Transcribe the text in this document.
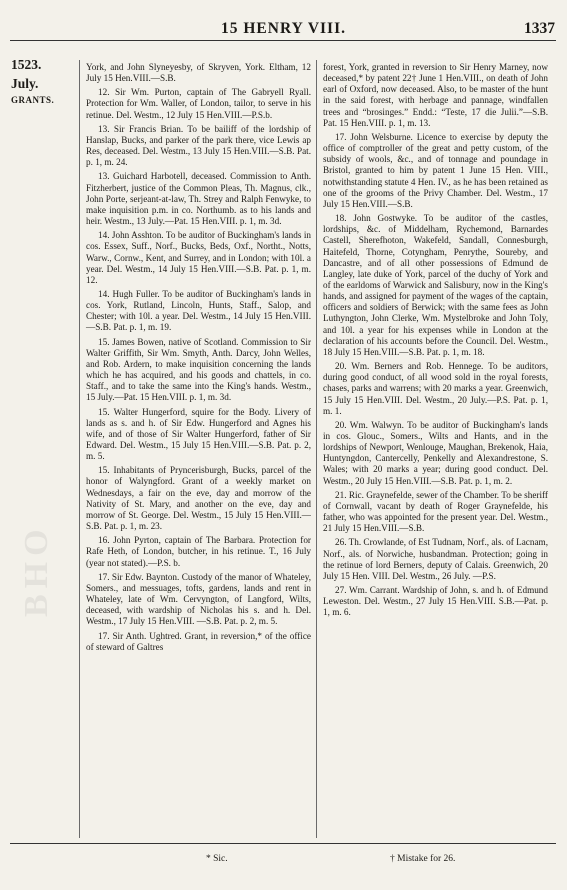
15 HENRY VIII.	1337
1523.
July.
GRANTS.
BHO

York, and John Slyneyesby, of Skryven, York. Eltham, 12 July 15 Hen.VIII.—S.B.

12. Sir Wm. Purton, captain of The Gabryell Ryall. Protection for Wm. Waller, of London, tailor, to serve in his retinue. Del. Westm., 12 July 15 Hen.VIII.—P.S.b.

13. Sir Francis Brian. To be bailiff of the lordship of Hanslap, Bucks, and parker of the park there, vice Lewis ap Res, deceased. Del. Westm., 13 July 15 Hen.VIII.—S.B. Pat. p. 1, m. 24.

13. Guichard Harbotell, deceased. Commission to Anth. Fitzherbert, justice of the Common Pleas, Th. Magnus, clk., John Porte, serjeant-at-law, Th. Strey and Ralph Fenwyke, to make inquisition p.m. in co. Northumb. as to his lands and heir. Westm., 13 July.—Pat. 15 Hen.VIII. p. 1, m. 3d.

14. John Asshton. To be auditor of Buckingham's lands in cos. Essex, Suff., Norf., Bucks, Beds, Oxf., Northt., Notts, Warw., Cornw., Kent, and Surrey, and in London; with 10l. a year. Del. Westm., 14 July 15 Hen.VIII.—S.B. Pat. p. 1, m. 12.

14. Hugh Fuller. To be auditor of Buckingham's lands in cos. York, Rutland, Lincoln, Hunts, Staff., Salop, and Chester; with 10l. a year. Del. Westm., 14 July 15 Hen.VIII.—S.B. Pat. p. 1, m. 19.

15. James Bowen, native of Scotland. Commission to Sir Walter Griffith, Sir Wm. Smyth, Anth. Darcy, John Welles, and Rob. Ardern, to make inquisition concerning the lands which he has acquired, and his goods and chattels, in co. Staff., and to take the same into the King's hands. Westm., 15 July.—Pat. 15 Hen.VIII. p. 1, m. 3d.

15. Walter Hungerford, squire for the Body. Livery of lands as s. and h. of Sir Edw. Hungerford and Agnes his wife, and of those of Sir Walter Hungerford, father of Sir Edward. Del. Westm., 15 July 15 Hen.VIII.—S.B. Pat. p. 2, m. 5.

15. Inhabitants of Pryncerisburgh, Bucks, parcel of the honor of Walyngford. Grant of a weekly market on Wednesdays, a fair on the eve, day and morrow of the Nativity of St. Mary, and another on the eve, day and morrow of St. George. Del. Westm., 15 July 15 Hen.VIII.—S.B. Pat. p. 1, m. 23.

16. John Pyrton, captain of The Barbara. Protection for Rafe Heth, of London, butcher, in his retinue. T., 16 July (year not stated).—P.S. b.

17. Sir Edw. Baynton. Custody of the manor of Whateley, Somers., and messuages, tofts, gardens, lands and rent in Whateley, late of Wm. Cervyngton, of Langford, Wilts, deceased, with wardship of Nicholas his s. and h. Del. Westm., 17 July 15 Hen.VIII. —S.B. Pat. p. 2, m. 5.

17. Sir Anth. Ughtred. Grant, in reversion,* of the office of steward of Galtres

forest, York, granted in reversion to Sir Henry Marney, now deceased,* by patent 22† June 1 Hen.VIII., on death of John earl of Oxford, now deceased. Also, to be master of the hunt in the said forest, with herbage and pannage, windfallen trees and “brosinges.” Endd.: “Teste, 17 die Julii.”—S.B. Pat. 15 Hen.VIII. p. 1, m. 13.

17. John Welsburne. Licence to exercise by deputy the office of comptroller of the great and petty custom, of the subsidy of wools, &c., and of tonnage and poundage in Bristol, granted to him by patent 1 June 15 Hen. VIII., notwithstanding statute 4 Hen. IV., as he has been retained as one of the grooms of the Privy Chamber. Del. Westm., 17 July 15 Hen.VIII.—S.B.

18. John Gostwyke. To be auditor of the castles, lordships, &c. of Middelham, Rychemond, Barnardes Castell, Sherefhoton, Wakefeld, Sandall, Connesburgh, Haitefeld, Thorne, Cotyngham, Penrythe, Soureby, and Dancastre, and of all other possessions of Edmund de Langley, late duke of York, parcel of the duchy of York and of the earldoms of Warwick and Salisbury, now in the King's hands, and assigned for payment of the wages of the captain, officers and soldiers of Berwick; with the same fees as John Luthyngton, John Clerke, Wm. Mystelbroke and John Toly, and 10l. a year for his expenses while in London at the declaration of his accounts before the Council. Del. Westm., 18 July 15 Hen.VIII.—S.B. Pat. p. 1, m. 18.

20. Wm. Berners and Rob. Hennege. To be auditors, during good conduct, of all wood sold in the royal forests, chases, parks and warrens; with 20 marks a year. Greenwich, 15 July 15 Hen.VIII. Del. Westm., 20 July.—P.S. Pat. p. 1, m. 1.

20. Wm. Walwyn. To be auditor of Buckingham's lands in cos. Glouc., Somers., Wilts and Hants, and in the lordships of Newport, Wenlouge, Maughan, Brekenok, Haia, Huntyngdon, Cantercelly, Penkelly and Alexandrestone, S. Wales; with 20 marks a year; during good conduct. Del. Westm., 20 July 15 Hen.VIII.—S.B. Pat. p. 1, m. 2.

21. Ric. Graynefelde, sewer of the Chamber. To be sheriff of Cornwall, vacant by death of Roger Graynefelde, his father, who was appointed for the present year. Del. Westm., 21 July 15 Hen.VIII.—S.B.

26. Th. Crowlande, of Est Tudnam, Norf., als. of Lacnam, Norf., als. of Norwiche, husbandman. Protection; going in the retinue of lord Berners, deputy of Calais. Greenwich, 20 July 15 Hen. VIII. Del. Westm., 26 July. —P.S.

27. Wm. Carrant. Wardship of John, s. and h. of Edmund Leweston. Del. Westm., 27 July 15 Hen.VIII. S.B.—Pat. p. 1, m. 6.

* Sic.	† Mistake for 26.
